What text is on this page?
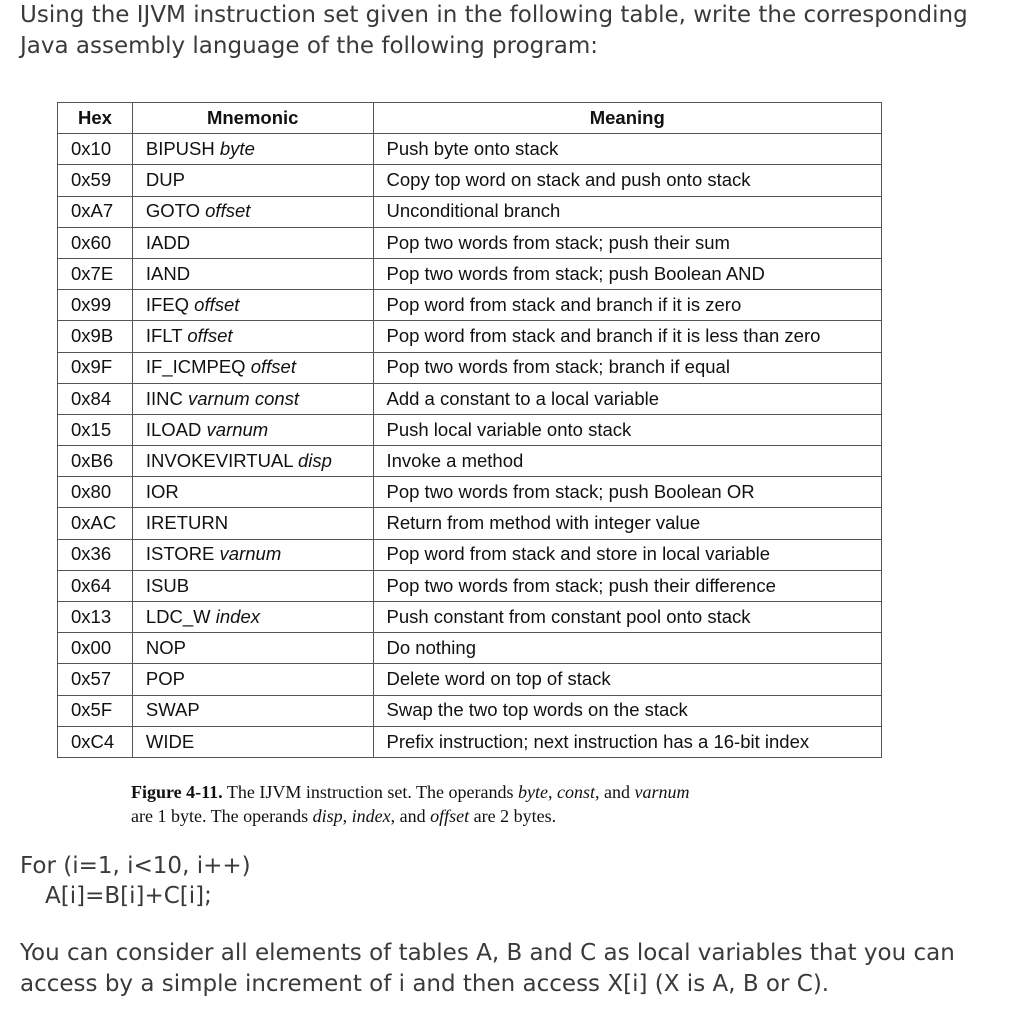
Using the IJVM instruction set given in the following table, write the corresponding
Java assembly language of the following program:

Hex	Mnemonic	Meaning
0x10	BIPUSH byte	Push byte onto stack
0x59	DUP	Copy top word on stack and push onto stack
0xA7	GOTO offset	Unconditional branch
0x60	IADD	Pop two words from stack; push their sum
0x7E	IAND	Pop two words from stack; push Boolean AND
0x99	IFEQ offset	Pop word from stack and branch if it is zero
0x9B	IFLT offset	Pop word from stack and branch if it is less than zero
0x9F	IF_ICMPEQ offset	Pop two words from stack; branch if equal
0x84	IINC varnum const	Add a constant to a local variable
0x15	ILOAD varnum	Push local variable onto stack
0xB6	INVOKEVIRTUAL disp	Invoke a method
0x80	IOR	Pop two words from stack; push Boolean OR
0xAC	IRETURN	Return from method with integer value
0x36	ISTORE varnum	Pop word from stack and store in local variable
0x64	ISUB	Pop two words from stack; push their difference
0x13	LDC_W index	Push constant from constant pool onto stack
0x00	NOP	Do nothing
0x57	POP	Delete word on top of stack
0x5F	SWAP	Swap the two top words on the stack
0xC4	WIDE	Prefix instruction; next instruction has a 16-bit index

Figure 4-11. The IJVM instruction set. The operands byte, const, and varnum
are 1 byte. The operands disp, index, and offset are 2 bytes.

For (i=1, i<10, i++)
A[i]=B[i]+C[i];

You can consider all elements of tables A, B and C as local variables that you can
access by a simple increment of i and then access X[i] (X is A, B or C).
